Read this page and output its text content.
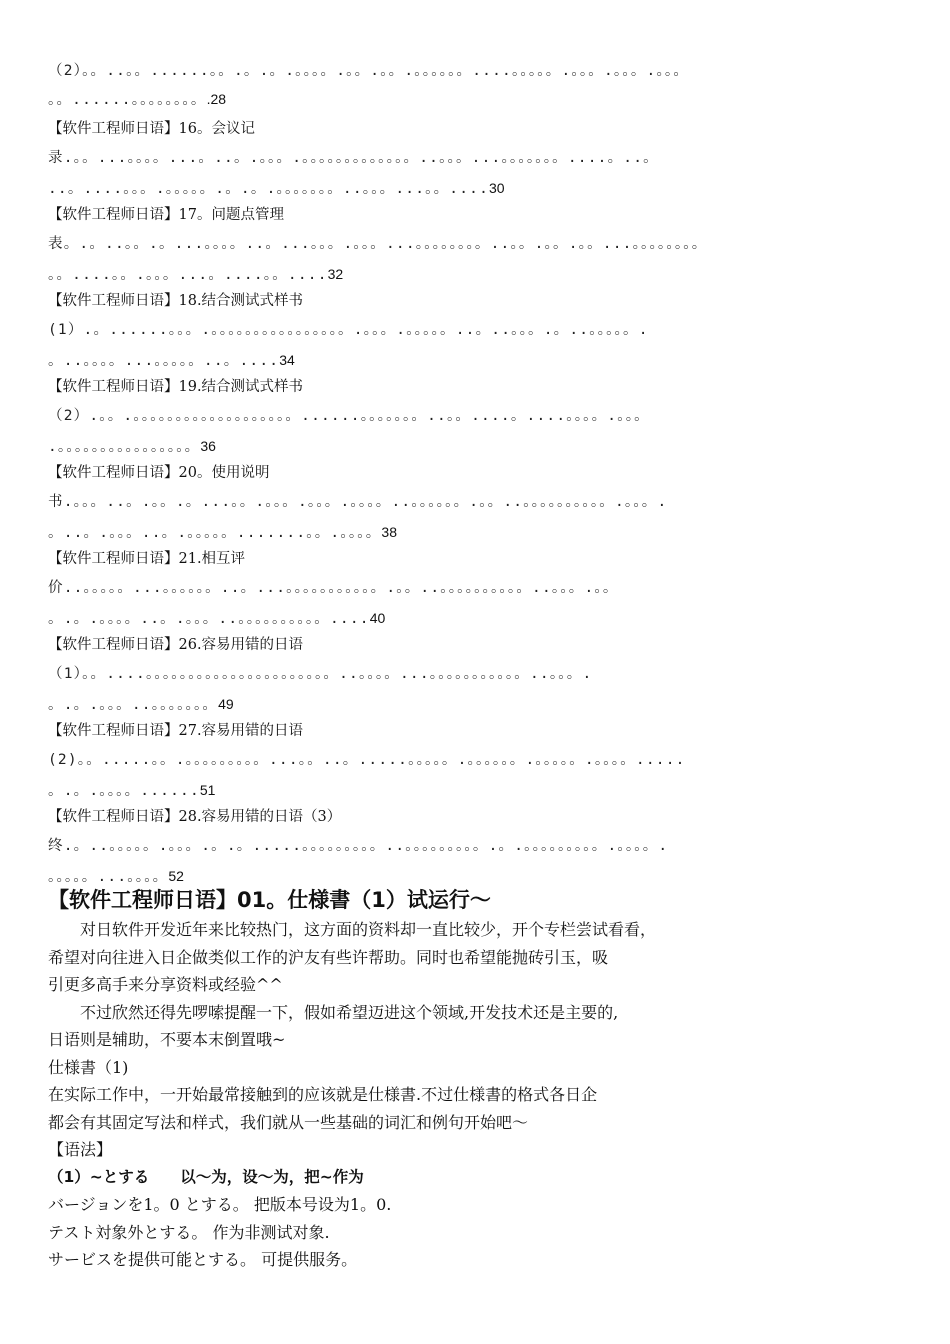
（2）。。..。。......。。.。.。.。。。。.。。.。。.。。。。。。....。。。。。.。。。.。。。.。。。
。。......。。。。。。。。.28
【软件工程师日语】16。会议记
录.。。...。。。。...。..。.。。。.。。。。。。。。。。。。。..。。。...。。。。。。。....。..。
..。....。。。.。。。。。.。.。.。。。。。。。..。。。...。。....30
【软件工程师日语】17。问题点管理
表。.。..。。.。...。。。。..。...。。。.。。。...。。。。。。。。..。。.。。.。。...。。。。。。。。
。。....。。.。。。...。....。。....32
【软件工程师日语】18.结合测试式样书
(1）.。......。。。.。。。。。。。。。。。。。。。。.。。。.。。。。。..。..。。。.。..。。。。。.
。..。。。。...。。。。。..。....34
【软件工程师日语】19.结合测试式样书
（2）.。。.。。。。。。。。。。。。。。。。。。。......。。。。。。。..。。....。....。。。。.。。。
.。。。。。。。。。。。。。。。。36
【软件工程师日语】20。使用说明
书.。。。..。.。。.。...。。.。。。.。。。.。。。。..。。。。。。.。。..。。。。。。。。。。.。。。.
。..。.。。。..。.。。。。。.......。。.。。。。38
【软件工程师日语】21.相互评
价..。。。。。...。。。。。。..。...。。。。。。。。。。。.。。..。。。。。。。。。。..。。。.。。
。.。.。。。。..。.。。。..。。。。。。。。。。....40
【软件工程师日语】26.容易用错的日语
（1）。。....。。。。。。。。。。。。。。。。。。。。。。..。。。。...。。。。。。。。。。。..。。。.
。.。.。。。..。。。。。。。49
【软件工程师日语】27.容易用错的日语
(2)。。.....。。.。。。。。。。。。...。。..。.....。。。。。.。。。。。。.。。。。。.。。。。.....
。.。.。。。。......51
【软件工程师日语】28.容易用错的日语（3）
终.。..。。。。。.。。。.。.。.....。。。。。。。。。..。。。。。。。。。.。.。。。。。。。。。.。。。。.
。。。。。...。。。。52
【软件工程师日语】01。仕様書（1）试运行～

对日软件开发近年来比较热门，这方面的资料却一直比较少，开个专栏尝试看看，

希望对向往进入日企做类似工作的沪友有些许帮助。同时也希望能抛砖引玉，吸

引更多高手来分享资料或经验^^

不过欣然还得先啰嗦提醒一下，假如希望迈进这个领域,开发技术还是主要的,

日语则是辅助，不要本末倒置哦~

仕様書（1)

在实际工作中，一开始最常接触到的应该就是仕様書.不过仕様書的格式各日企

都会有其固定写法和样式，我们就从一些基础的词汇和例句开始吧～

【语法】

（1）~とする　　以～为，设～为，把~作为

バージョンを1。0 とする。 把版本号设为1。0.

テスト対象外とする。 作为非测试对象.

サービスを提供可能とする。 可提供服务。
